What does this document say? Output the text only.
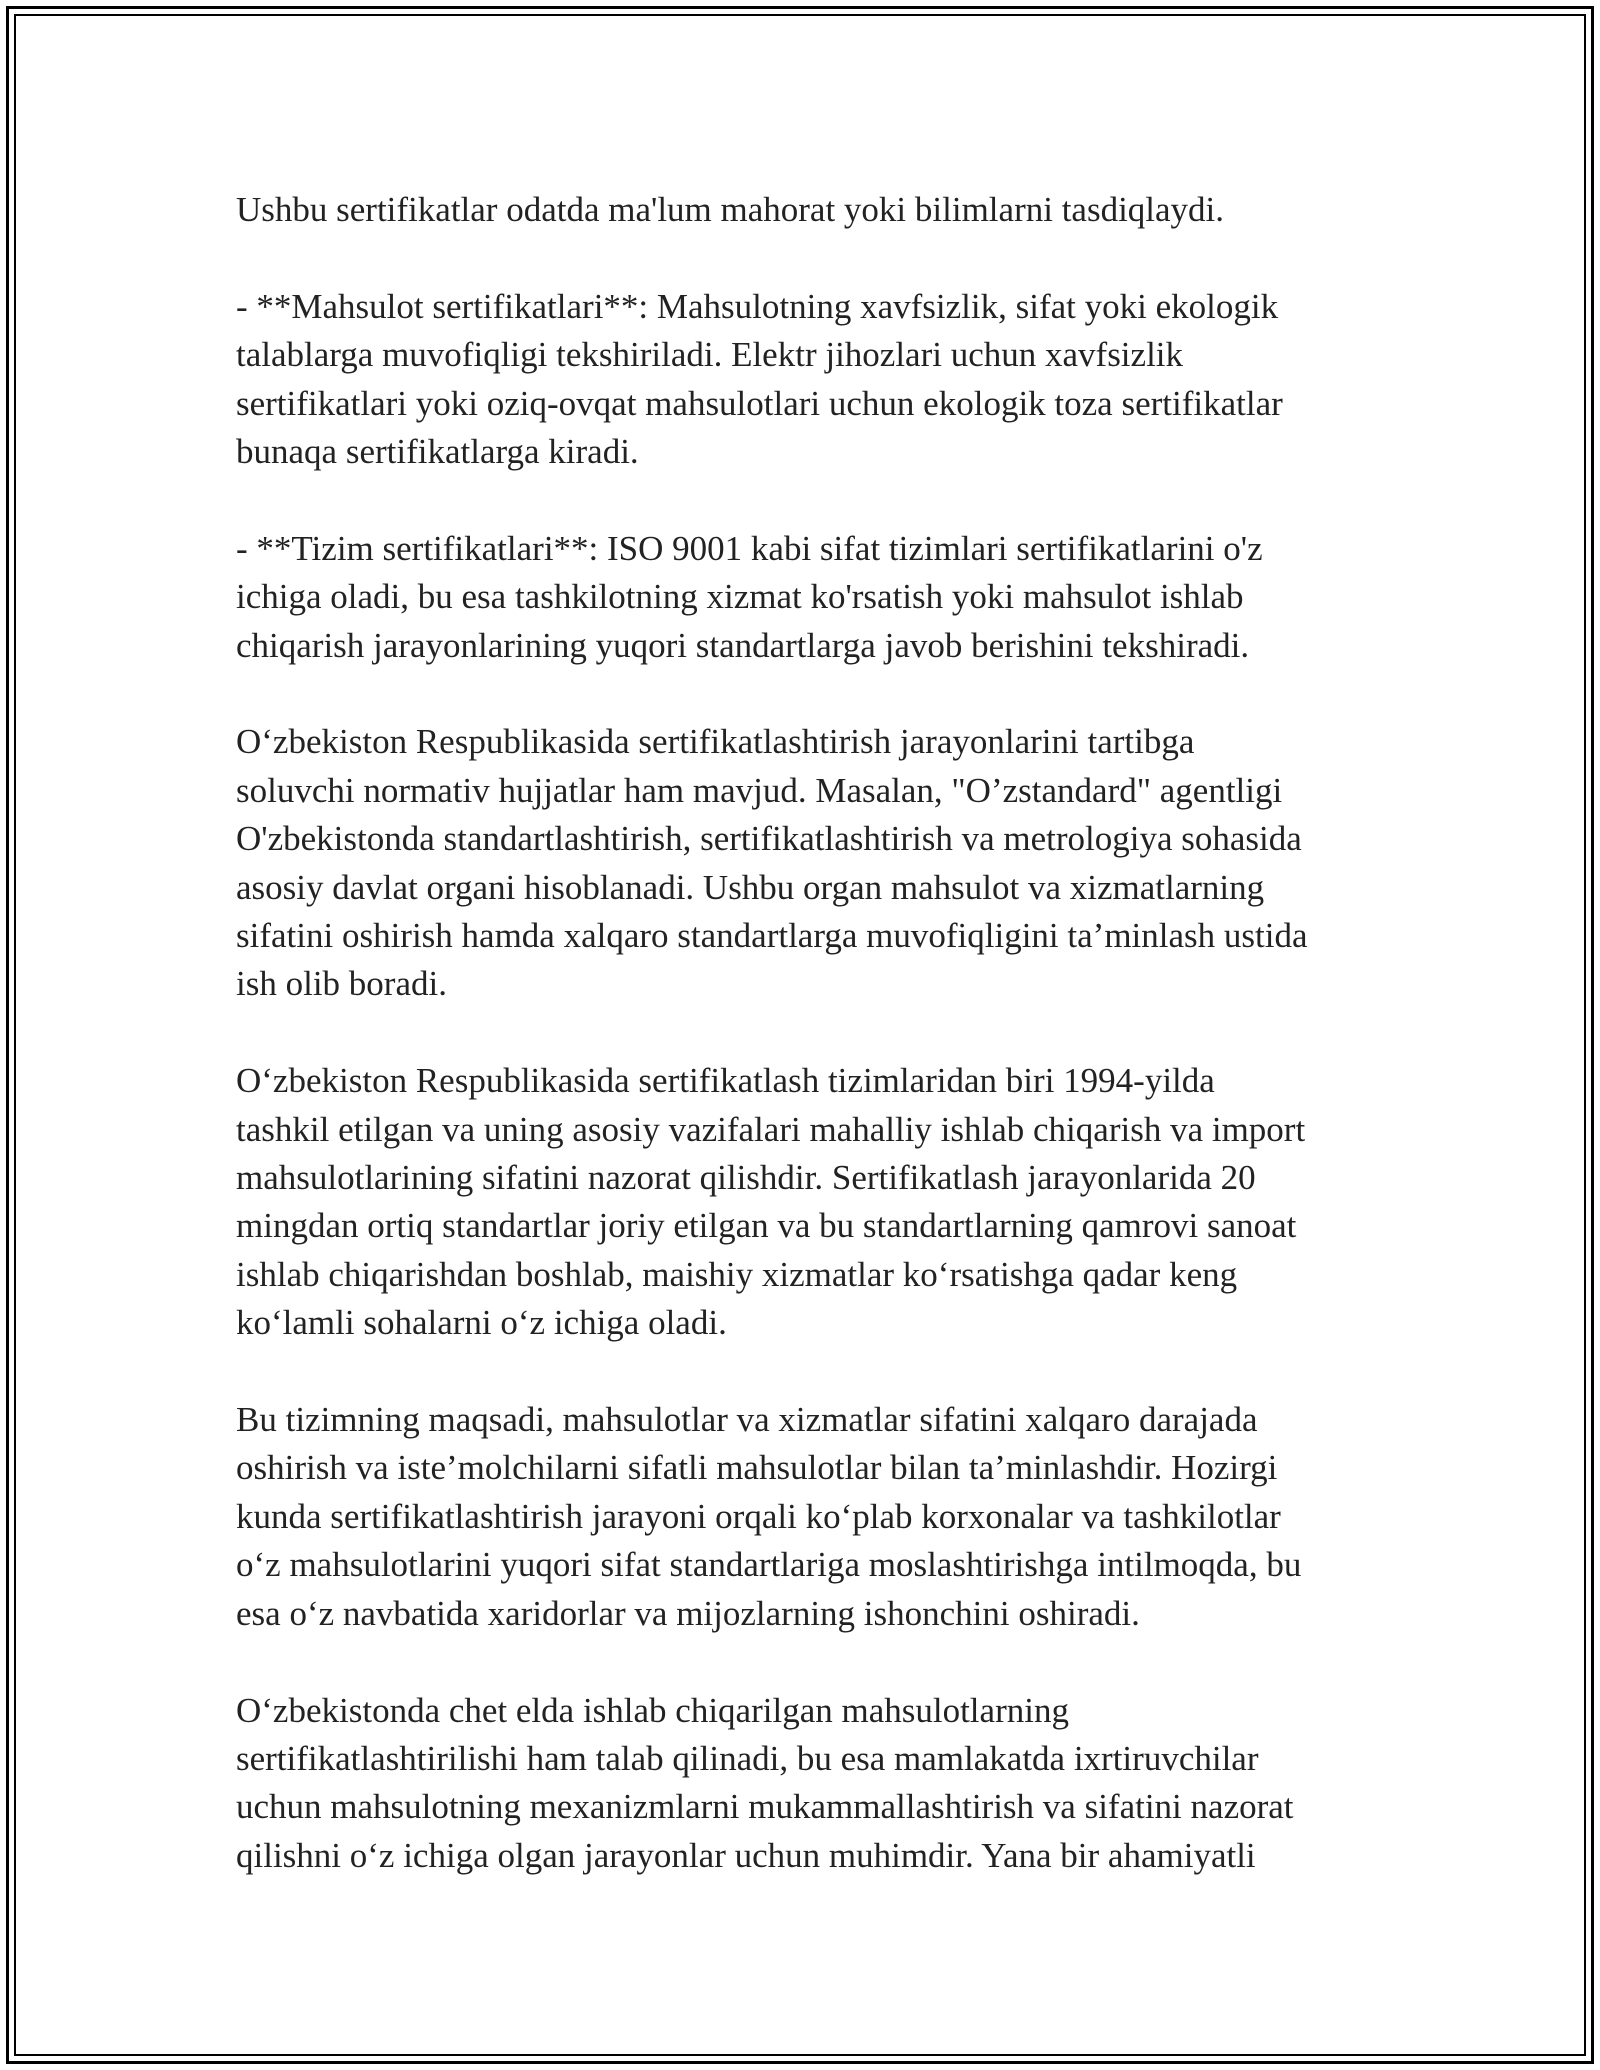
Ushbu sertifikatlar odatda ma'lum mahorat yoki bilimlarni tasdiqlaydi.

- **Mahsulot sertifikatlari**: Mahsulotning xavfsizlik, sifat yoki ekologik
talablarga muvofiqligi tekshiriladi. Elektr jihozlari uchun xavfsizlik
sertifikatlari yoki oziq-ovqat mahsulotlari uchun ekologik toza sertifikatlar
bunaqa sertifikatlarga kiradi.

- **Tizim sertifikatlari**: ISO 9001 kabi sifat tizimlari sertifikatlarini o'z
ichiga oladi, bu esa tashkilotning xizmat ko'rsatish yoki mahsulot ishlab
chiqarish jarayonlarining yuqori standartlarga javob berishini tekshiradi.

O‘zbekiston Respublikasida sertifikatlashtirish jarayonlarini tartibga
soluvchi normativ hujjatlar ham mavjud. Masalan, "O’zstandard" agentligi
O'zbekistonda standartlashtirish, sertifikatlashtirish va metrologiya sohasida
asosiy davlat organi hisoblanadi. Ushbu organ mahsulot va xizmatlarning
sifatini oshirish hamda xalqaro standartlarga muvofiqligini ta’minlash ustida
ish olib boradi.

O‘zbekiston Respublikasida sertifikatlash tizimlaridan biri 1994-yilda
tashkil etilgan va uning asosiy vazifalari mahalliy ishlab chiqarish va import
mahsulotlarining sifatini nazorat qilishdir. Sertifikatlash jarayonlarida 20
mingdan ortiq standartlar joriy etilgan va bu standartlarning qamrovi sanoat
ishlab chiqarishdan boshlab, maishiy xizmatlar ko‘rsatishga qadar keng
ko‘lamli sohalarni o‘z ichiga oladi.

Bu tizimning maqsadi, mahsulotlar va xizmatlar sifatini xalqaro darajada
oshirish va iste’molchilarni sifatli mahsulotlar bilan ta’minlashdir. Hozirgi
kunda sertifikatlashtirish jarayoni orqali ko‘plab korxonalar va tashkilotlar
o‘z mahsulotlarini yuqori sifat standartlariga moslashtirishga intilmoqda, bu
esa o‘z navbatida xaridorlar va mijozlarning ishonchini oshiradi.

O‘zbekistonda chet elda ishlab chiqarilgan mahsulotlarning
sertifikatlashtirilishi ham talab qilinadi, bu esa mamlakatda ixrtiruvchilar
uchun mahsulotning mexanizmlarni mukammallashtirish va sifatini nazorat
qilishni o‘z ichiga olgan jarayonlar uchun muhimdir. Yana bir ahamiyatli
